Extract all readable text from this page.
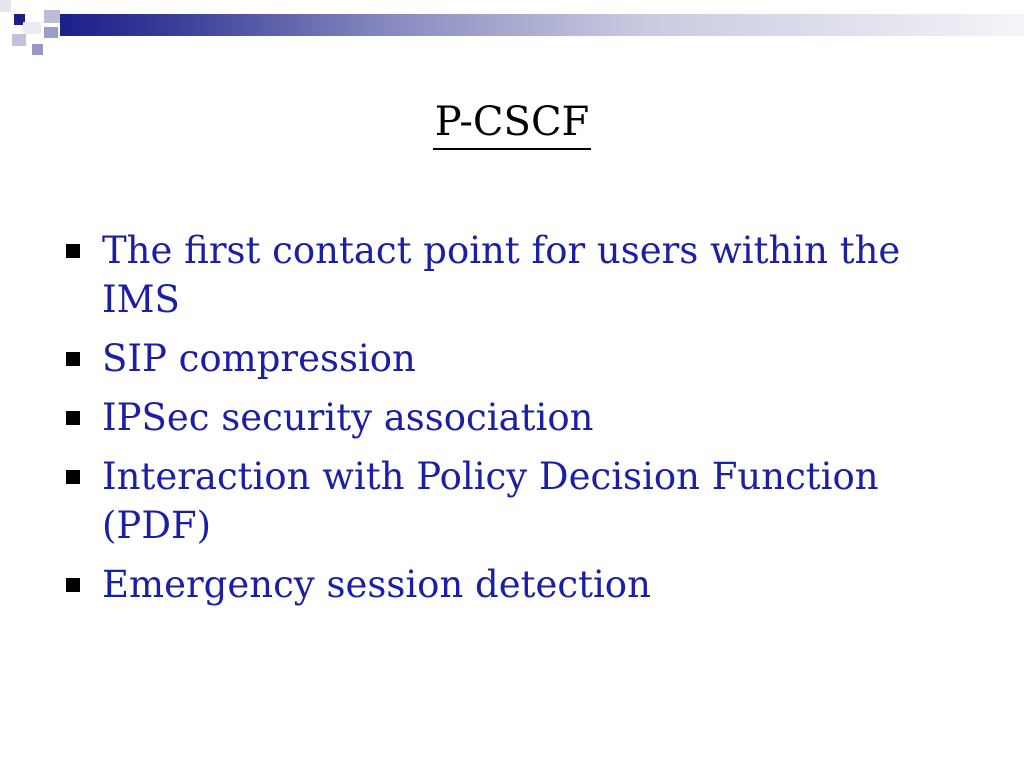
P-CSCF
The first contact point for users within the IMS
SIP compression
IPSec security association
Interaction with Policy Decision Function (PDF)
Emergency session detection
